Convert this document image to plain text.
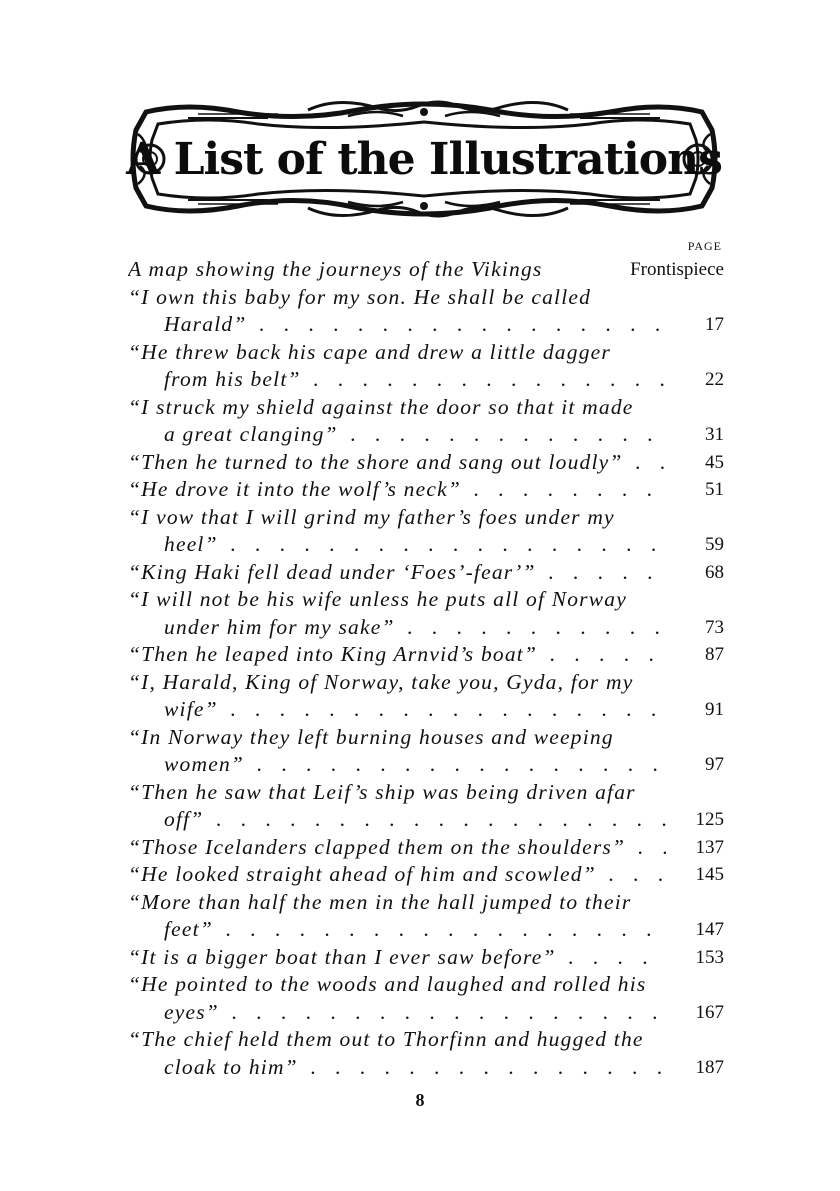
A List of the Illustrations
PAGE
A map showing the journeys of the Vikings	Frontispiece
“I own this baby for my son. He shall be called
Harald” . . .	17
“He threw back his cape and drew a little dagger
from his belt” . . .	22
“I struck my shield against the door so that it made
a great clanging” . . .	31
“Then he turned to the shore and sang out loudly” . . .	45
“He drove it into the wolf’s neck” . . .	51
“I vow that I will grind my father’s foes under my
heel” . . .	59
“King Haki fell dead under ‘Foes’-fear’” . . .	68
“I will not be his wife unless he puts all of Norway
under him for my sake” . . .	73
“Then he leaped into King Arnvid’s boat” . . .	87
“I, Harald, King of Norway, take you, Gyda, for my
wife” . . .	91
“In Norway they left burning houses and weeping
women” . . .	97
“Then he saw that Leif’s ship was being driven afar
off” . . .	125
“Those Icelanders clapped them on the shoulders” . . .	137
“He looked straight ahead of him and scowled” . . .	145
“More than half the men in the hall jumped to their
feet” . . .	147
“It is a bigger boat than I ever saw before” . . .	153
“He pointed to the woods and laughed and rolled his
eyes” . . .	167
“The chief held them out to Thorfinn and hugged the
cloak to him” . . .	187
8
